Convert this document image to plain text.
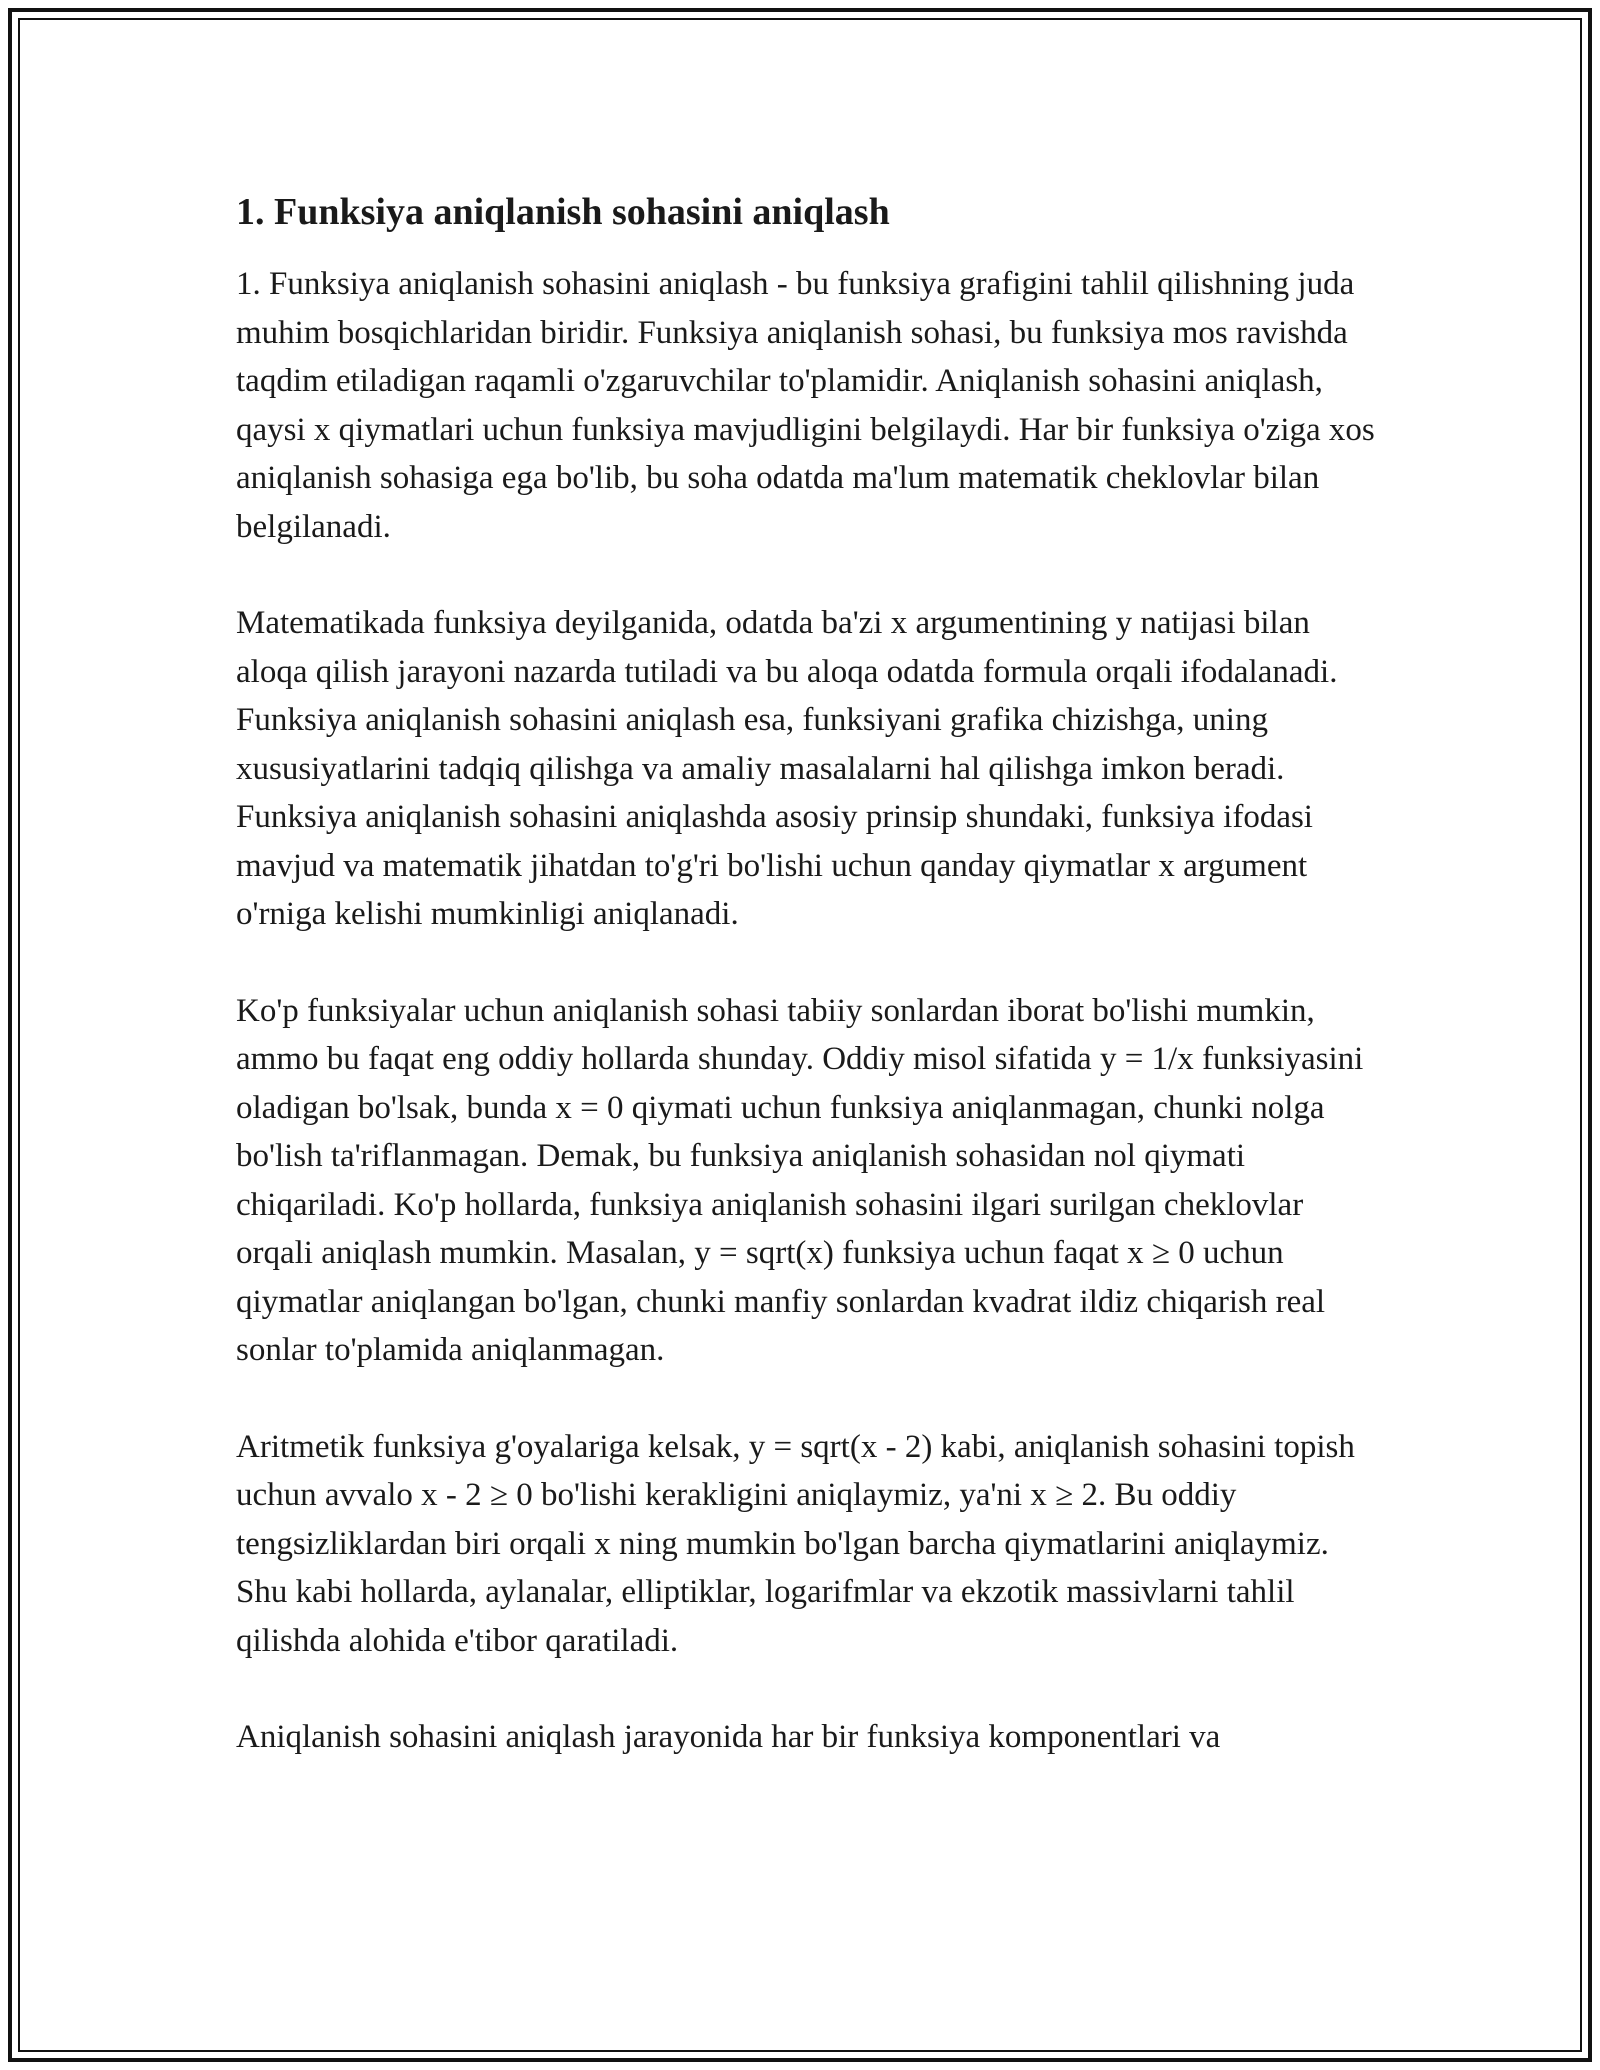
1. Funksiya aniqlanish sohasini aniqlash

1. Funksiya aniqlanish sohasini aniqlash - bu funksiya grafigini tahlil qilishning juda muhim bosqichlaridan biridir. Funksiya aniqlanish sohasi, bu funksiya mos ravishda taqdim etiladigan raqamli o'zgaruvchilar to'plamidir. Aniqlanish sohasini aniqlash, qaysi x qiymatlari uchun funksiya mavjudligini belgilaydi. Har bir funksiya o'ziga xos aniqlanish sohasiga ega bo'lib, bu soha odatda ma'lum matematik cheklovlar bilan belgilanadi.

Matematikada funksiya deyilganida, odatda ba'zi x argumentining y natijasi bilan aloqa qilish jarayoni nazarda tutiladi va bu aloqa odatda formula orqali ifodalanadi. Funksiya aniqlanish sohasini aniqlash esa, funksiyani grafika chizishga, uning xususiyatlarini tadqiq qilishga va amaliy masalalarni hal qilishga imkon beradi. Funksiya aniqlanish sohasini aniqlashda asosiy prinsip shundaki, funksiya ifodasi mavjud va matematik jihatdan to'g'ri bo'lishi uchun qanday qiymatlar x argument o'rniga kelishi mumkinligi aniqlanadi.

Ko'p funksiyalar uchun aniqlanish sohasi tabiiy sonlardan iborat bo'lishi mumkin, ammo bu faqat eng oddiy hollarda shunday. Oddiy misol sifatida y = 1/x funksiyasini oladigan bo'lsak, bunda x = 0 qiymati uchun funksiya aniqlanmagan, chunki nolga bo'lish ta'riflanmagan. Demak, bu funksiya aniqlanish sohasidan nol qiymati chiqariladi. Ko'p hollarda, funksiya aniqlanish sohasini ilgari surilgan cheklovlar orqali aniqlash mumkin. Masalan, y = sqrt(x) funksiya uchun faqat x ≥ 0 uchun qiymatlar aniqlangan bo'lgan, chunki manfiy sonlardan kvadrat ildiz chiqarish real sonlar to'plamida aniqlanmagan.

Aritmetik funksiya g'oyalariga kelsak, y = sqrt(x - 2) kabi, aniqlanish sohasini topish uchun avvalo x - 2 ≥ 0 bo'lishi kerakligini aniqlaymiz, ya'ni x ≥ 2. Bu oddiy tengsizliklardan biri orqali x ning mumkin bo'lgan barcha qiymatlarini aniqlaymiz. Shu kabi hollarda, aylanalar, elliptiklar, logarifmlar va ekzotik massivlarni tahlil qilishda alohida e'tibor qaratiladi.

Aniqlanish sohasini aniqlash jarayonida har bir funksiya komponentlari va
